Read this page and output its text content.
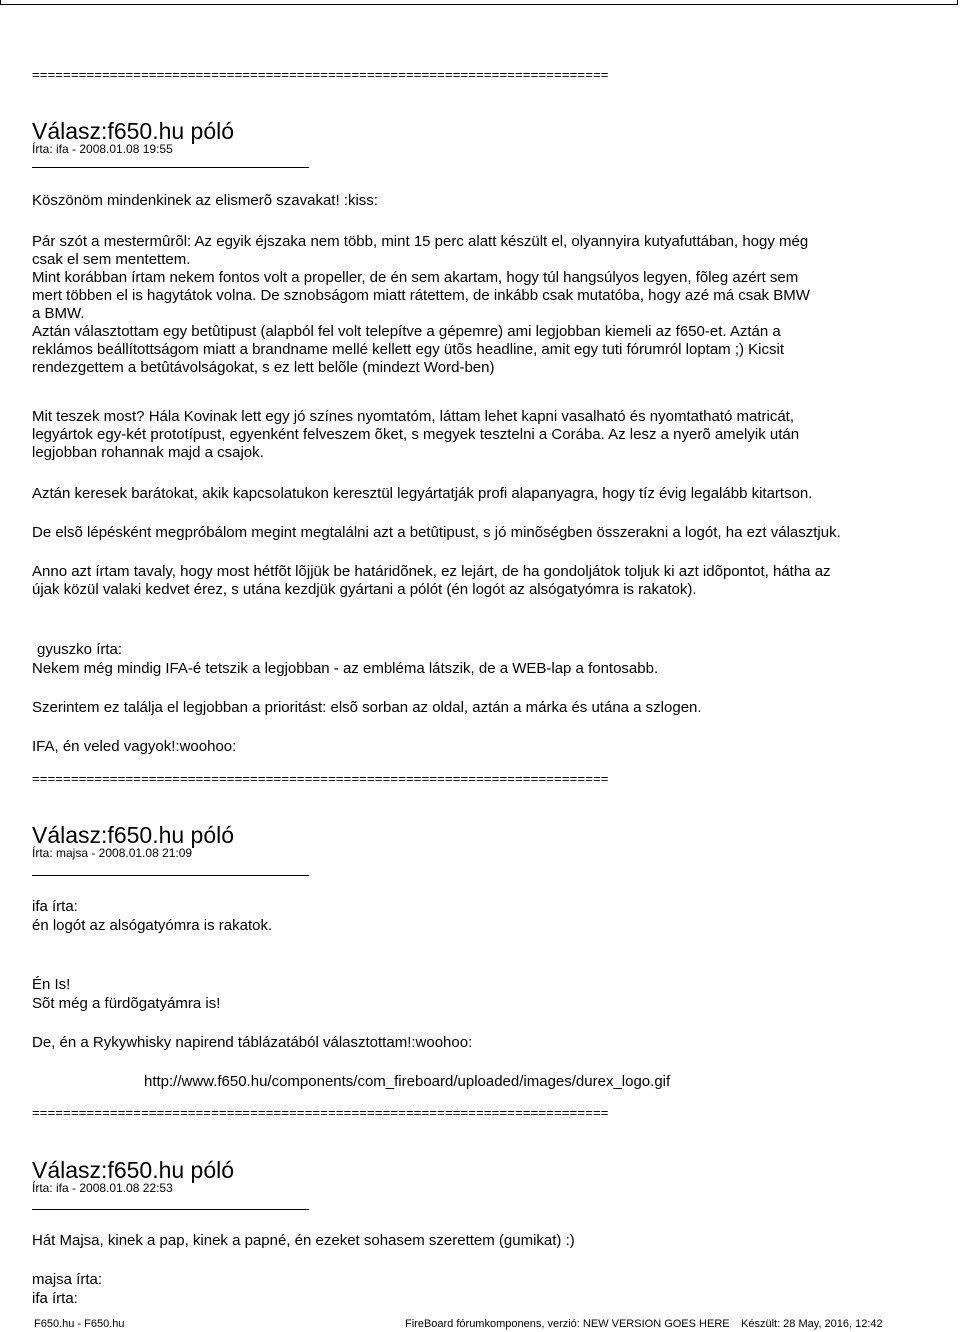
==========================================================================
Válasz:f650.hu póló
Írta: ifa - 2008.01.08 19:55
Köszönöm mindenkinek az elismerõ szavakat! :kiss:
Pár szót a mestermûrõl: Az egyik éjszaka nem több, mint 15 perc alatt készült el, olyannyira kutyafuttában, hogy még
csak el sem mentettem.
Mint korábban írtam nekem fontos volt a propeller, de én sem akartam, hogy túl hangsúlyos legyen, fõleg azért sem
mert többen el is hagytátok volna. De sznobságom miatt rátettem, de inkább csak mutatóba, hogy azé má csak BMW
a BMW.
Aztán választottam egy betûtipust (alapból fel volt telepítve a gépemre) ami legjobban kiemeli az f650-et. Aztán a
reklámos beállítottságom miatt a brandname mellé kellett egy ütõs headline, amit egy tuti fórumról loptam ;) Kicsit
rendezgettem a betûtávolságokat, s ez lett belõle (mindezt Word-ben)
Mit teszek most? Hála Kovinak lett egy jó színes nyomtatóm, láttam lehet kapni vasalható és nyomtatható matricát,
legyártok egy-két prototípust, egyenként felveszem õket, s megyek tesztelni a Corába. Az lesz a nyerõ amelyik után
legjobban rohannak majd a csajok.
Aztán keresek barátokat, akik kapcsolatukon keresztül legyártatják profi alapanyagra, hogy tíz évig legalább kitartson.
De elsõ lépésként megpróbálom megint megtalálni azt a betûtipust, s jó minõségben összerakni a logót, ha ezt választjuk.
Anno azt írtam tavaly, hogy most hétfõt lõjjük be határidõnek, ez lejárt, de ha gondoljátok toljuk ki azt idõpontot, hátha az
újak közül valaki kedvet érez, s utána kezdjük gyártani a pólót (én logót az alsógatyómra is rakatok).
gyuszko írta:
Nekem még mindig IFA-é tetszik a legjobban - az embléma látszik, de a WEB-lap a fontosabb.
Szerintem ez találja el legjobban a prioritást: elsõ sorban az oldal, aztán a márka és utána a szlogen.
IFA, én veled vagyok!:woohoo:
==========================================================================
Válasz:f650.hu póló
Írta: majsa - 2008.01.08 21:09
ifa írta:
én logót az alsógatyómra is rakatok.
Én Is!
Sõt még a fürdõgatyámra is!
De, én a Rykywhisky napirend táblázatából választottam!:woohoo:
http://www.f650.hu/components/com_fireboard/uploaded/images/durex_logo.gif
==========================================================================
Válasz:f650.hu póló
Írta: ifa - 2008.01.08 22:53
Hát Majsa, kinek a pap, kinek a papné, én ezeket sohasem szerettem (gumikat) :)
majsa írta:
ifa írta:
F650.hu - F650.hu	FireBoard fórumkomponens, verzió: NEW VERSION GOES HERE Készült: 28 May, 2016, 12:42
